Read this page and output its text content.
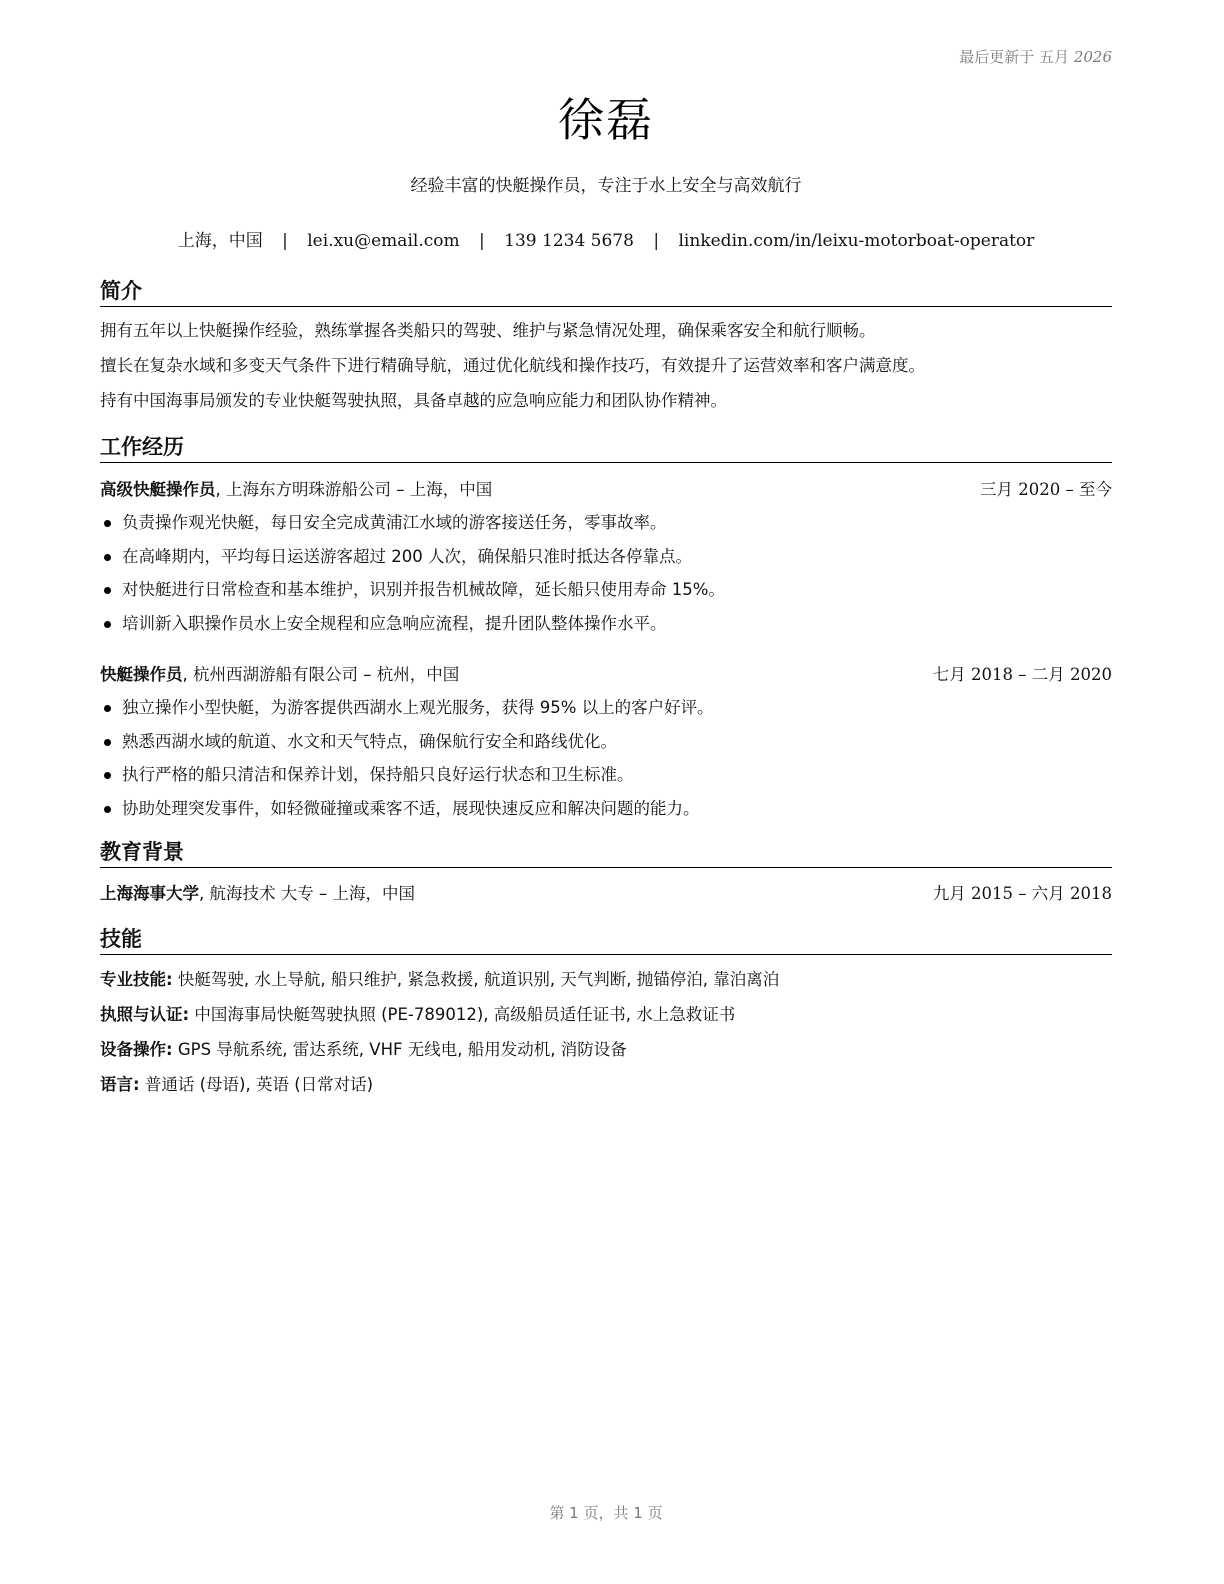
最后更新于 五月 2026
徐磊
经验丰富的快艇操作员，专注于水上安全与高效航行
上海，中国 | lei.xu@email.com | 139 1234 5678 | linkedin.com/in/leixu-motorboat-operator
简介
拥有五年以上快艇操作经验，熟练掌握各类船只的驾驶、维护与紧急情况处理，确保乘客安全和航行顺畅。
擅长在复杂水域和多变天气条件下进行精确导航，通过优化航线和操作技巧，有效提升了运营效率和客户满意度。
持有中国海事局颁发的专业快艇驾驶执照，具备卓越的应急响应能力和团队协作精神。
工作经历
高级快艇操作员, 上海东方明珠游船公司 – 上海，中国	三月 2020 – 至今
负责操作观光快艇，每日安全完成黄浦江水域的游客接送任务，零事故率。
在高峰期内，平均每日运送游客超过 200 人次，确保船只准时抵达各停靠点。
对快艇进行日常检查和基本维护，识别并报告机械故障，延长船只使用寿命 15%。
培训新入职操作员水上安全规程和应急响应流程，提升团队整体操作水平。
快艇操作员, 杭州西湖游船有限公司 – 杭州，中国	七月 2018 – 二月 2020
独立操作小型快艇，为游客提供西湖水上观光服务，获得 95% 以上的客户好评。
熟悉西湖水域的航道、水文和天气特点，确保航行安全和路线优化。
执行严格的船只清洁和保养计划，保持船只良好运行状态和卫生标准。
协助处理突发事件，如轻微碰撞或乘客不适，展现快速反应和解决问题的能力。
教育背景
上海海事大学, 航海技术 大专 – 上海，中国	九月 2015 – 六月 2018
技能
专业技能: 快艇驾驶, 水上导航, 船只维护, 紧急救援, 航道识别, 天气判断, 抛锚停泊, 靠泊离泊
执照与认证: 中国海事局快艇驾驶执照 (PE-789012), 高级船员适任证书, 水上急救证书
设备操作: GPS 导航系统, 雷达系统, VHF 无线电, 船用发动机, 消防设备
语言: 普通话 (母语), 英语 (日常对话)
第 1 页，共 1 页
